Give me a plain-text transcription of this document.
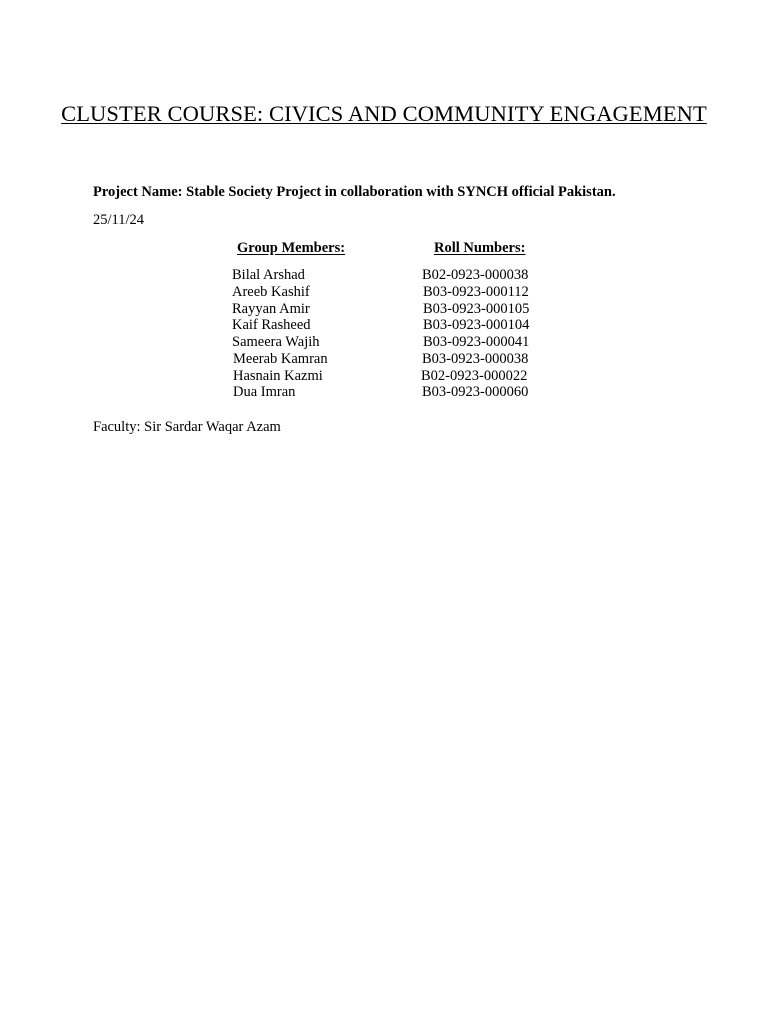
CLUSTER COURSE: CIVICS AND COMMUNITY ENGAGEMENT
Project Name: Stable Society Project in collaboration with SYNCH official Pakistan.
25/11/24
Group Members:	Roll Numbers:
Bilal Arshad	B02-0923-000038
Areeb Kashif	B03-0923-000112
Rayyan Amir	B03-0923-000105
Kaif Rasheed	B03-0923-000104
Sameera Wajih	B03-0923-000041
Meerab Kamran	B03-0923-000038
Hasnain Kazmi	B02-0923-000022
Dua Imran	B03-0923-000060
Faculty: Sir Sardar Waqar Azam
